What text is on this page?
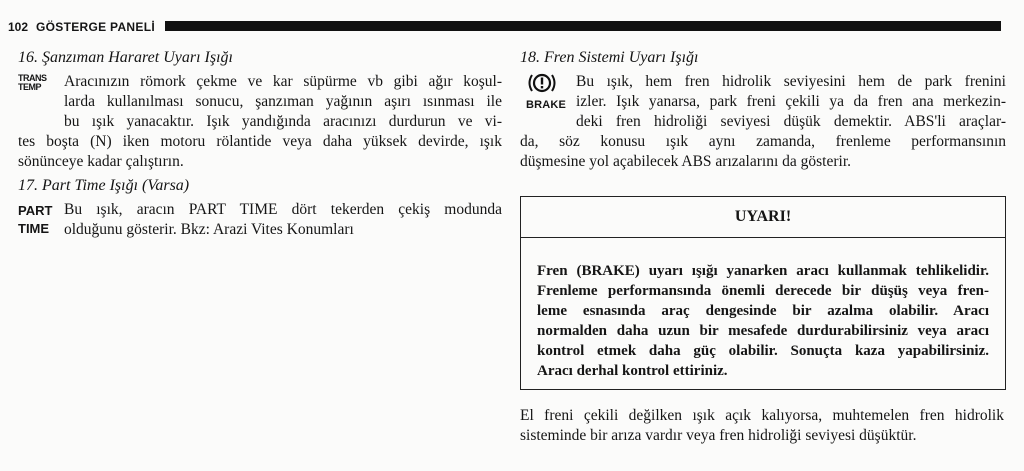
102 GÖSTERGE PANELİ

16. Şanzıman Hararet Uyarı Işığı

TRANS
TEMP	Aracınızın römork çekme ve kar süpürme vb gibi ağır koşul-
larda kullanılması sonucu, şanzıman yağının aşırı ısınması ile
bu ışık yanacaktır. Işık yandığında aracınızı durdurun ve vi-
tes boşta (N) iken motoru rölantide veya daha yüksek devirde, ışık
sönünceye kadar çalıştırın.

17. Part Time Işığı (Varsa)

PART
TIME
Bu ışık, aracın PART TIME dört tekerden çekiş modunda
olduğunu gösterir. Bkz: Arazi Vites Konumları

18. Fren Sistemi Uyarı Işığı

BRAKE
Bu ışık, hem fren hidrolik seviyesini hem de park frenini
izler. Işık yanarsa, park freni çekili ya da fren ana merkezin-
deki fren hidroliği seviyesi düşük demektir. ABS'li araçlar-
da, söz konusu ışık aynı zamanda, frenleme performansının
düşmesine yol açabilecek ABS arızalarını da gösterir.
UYARI!
Fren (BRAKE) uyarı ışığı yanarken aracı kullanmak tehlikelidir.
Frenleme performansında önemli derecede bir düşüş veya fren-
leme esnasında araç dengesinde bir azalma olabilir. Aracı
normalden daha uzun bir mesafede durdurabilirsiniz veya aracı
kontrol etmek daha güç olabilir. Sonuçta kaza yapabilirsiniz.
Aracı derhal kontrol ettiriniz.
El freni çekili değilken ışık açık kalıyorsa, muhtemelen fren hidrolik
sisteminde bir arıza vardır veya fren hidroliği seviyesi düşüktür.
